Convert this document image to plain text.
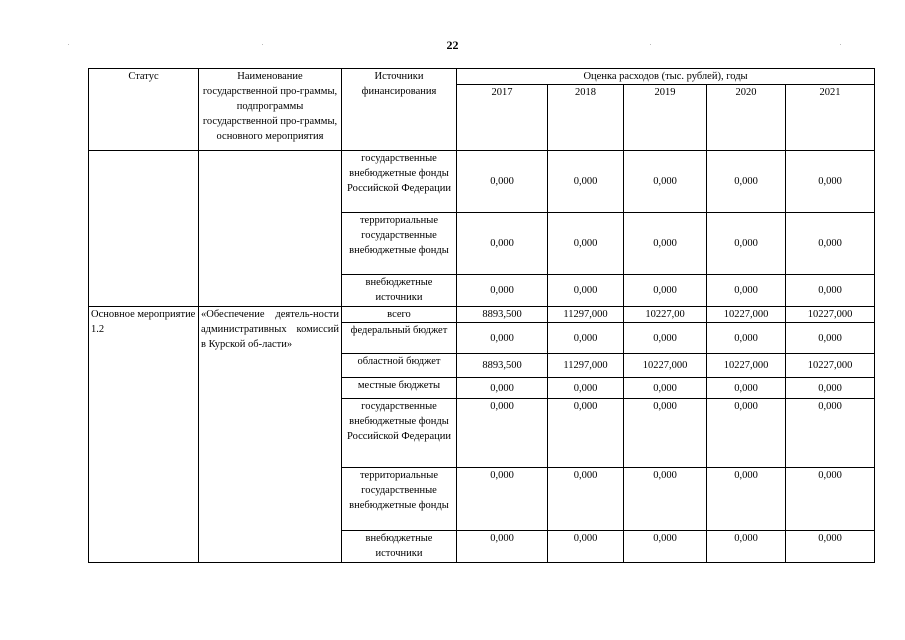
22
Статус	Наименование государственной про-граммы, подпрограммы государственной про-граммы, основного мероприятия	Источники финансирования	Оценка расходов (тыс. рублей), годы				
			2017	2018	2019	2020	2021
		государственные внебюджетные фонды Российской Федерации	0,000	0,000	0,000	0,000	0,000
		территориальные государственные внебюджетные фонды	0,000	0,000	0,000	0,000	0,000
		внебюджетные источники	0,000	0,000	0,000	0,000	0,000
Основное мероприятие 1.2	«Обеспечение деятель-ности административных комиссий в Курской об-ласти»	всего	8893,500	11297,000	10227,00	10227,000	10227,000
		федеральный бюджет	0,000	0,000	0,000	0,000	0,000
		областной бюджет	8893,500	11297,000	10227,000	10227,000	10227,000
		местные бюджеты	0,000	0,000	0,000	0,000	0,000
		государственные внебюджетные фонды Российской Федерации	0,000	0,000	0,000	0,000	0,000
		территориальные государственные внебюджетные фонды	0,000	0,000	0,000	0,000	0,000
		внебюджетные источники	0,000	0,000	0,000	0,000	0,000
